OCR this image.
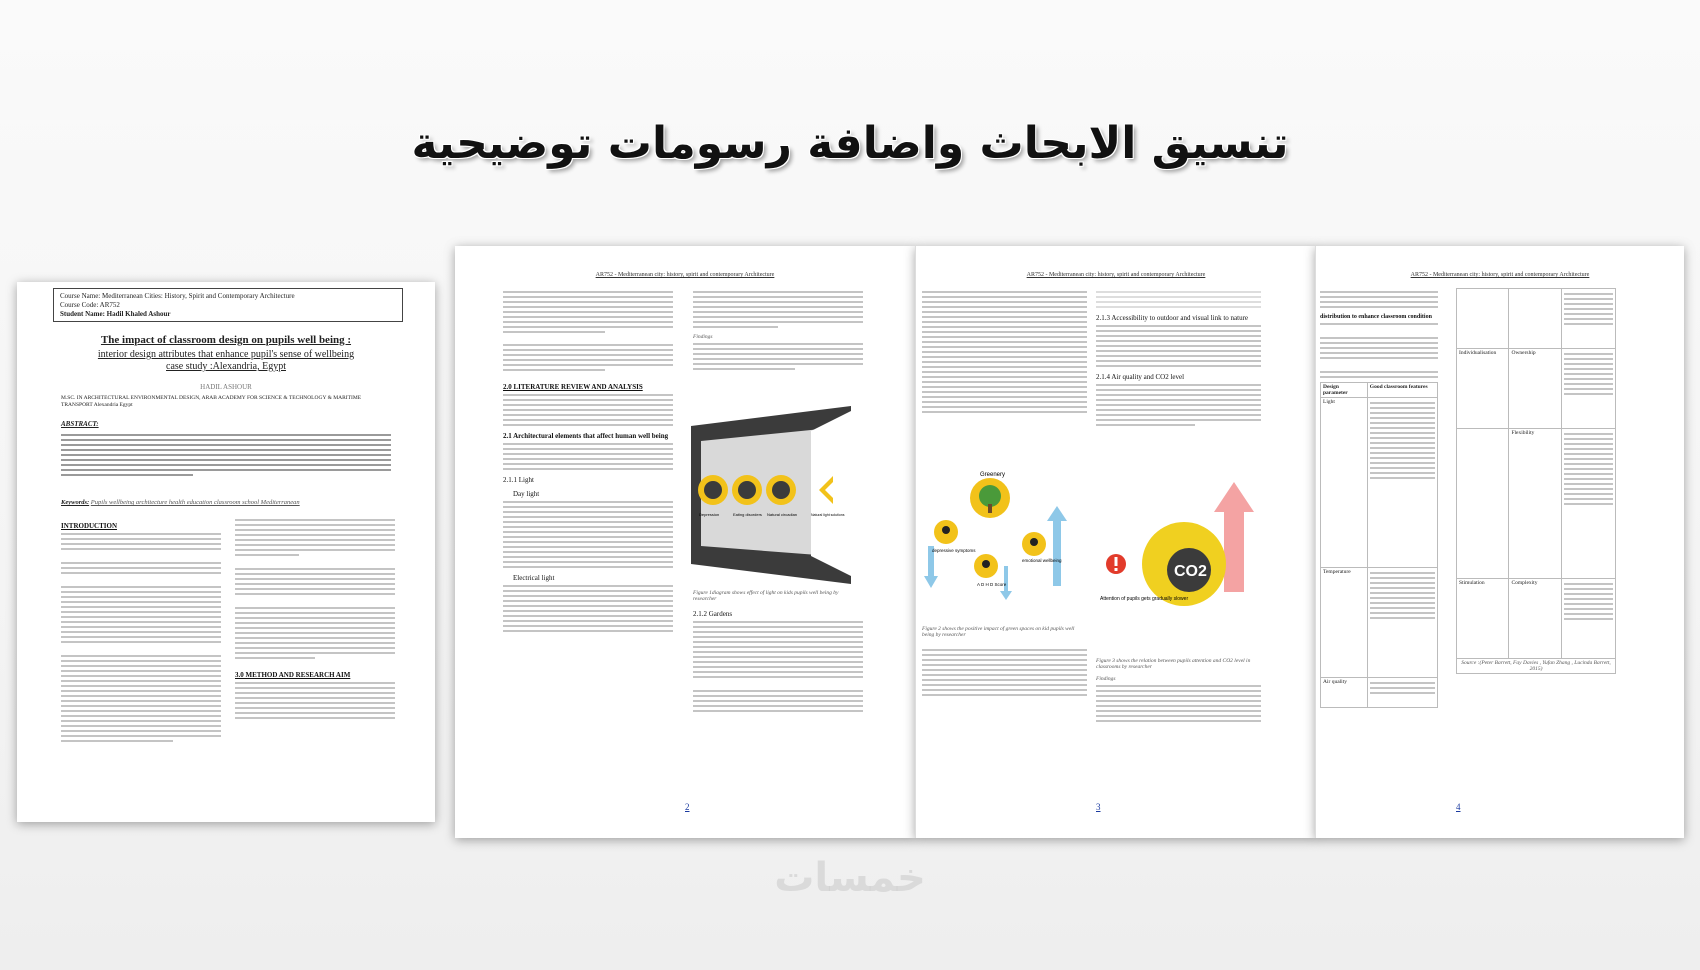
تنسيق الابحاث واضافة رسومات توضيحية
Course Name: Mediterranean Cities: History, Spirit and Contemporary Architecture
Course Code: AR752
Student Name: Hadil Khaled Ashour
The impact of classroom design on pupils well being :
interior design attributes that enhance pupil's sense of wellbeing
case study :Alexandria, Egypt
HADIL ASHOUR
M.SC. IN ARCHITECTURAL ENVIRONMENTAL DESIGN, ARAB ACADEMY FOR SCIENCE & TECHNOLOGY & MARITIME TRANSPORT Alexandria Egypt
ABSTRACT:
Keywords: Pupils wellbeing architecture health education classroom school Mediterranean
INTRODUCTION
3.0 METHOD AND RESEARCH AIM
AR752 - Mediterranean city: history, spirit and contemporary Architecture
2.0 LITERATURE REVIEW AND ANALYSIS
2.1 Architectural elements that affect human well being
2.1.1 Light
Day light
Electrical light
Findings
Depression	Eating disorders Natural circadian	Natural light solutions
Figure 1diagram shows effect of light on kids pupils well being by researcher
2.1.2 Gardens
2
AR752 - Mediterranean city: history, spirit and contemporary Architecture
Greenery
depressive symptoms
A D H D Score
emotional wellbeing
Figure 2 shows the positive impact of green spaces on kid pupils well being by researcher
2.1.3 Accessibility to outdoor and visual link to nature
2.1.4 Air quality and CO2 level
CO2
Attention of pupils gets gradually slower
Figure 3 shows the relation between pupils attention and CO2 level in classrooms by researcher
Findings
3
AR752 - Mediterranean city: history, spirit and contemporary Architecture
distribution to enhance classroom condition
Design parameter	Good classroom features
Light	

Temperature	

Air quality	

Individualisation	Ownership	

	Flexibility	

Stimulation	Complexity	

Source :(Peter Barrett, Fay Davies , Yufan Zhang , Lucinda Barrett, 2015)		
4
خمسات
